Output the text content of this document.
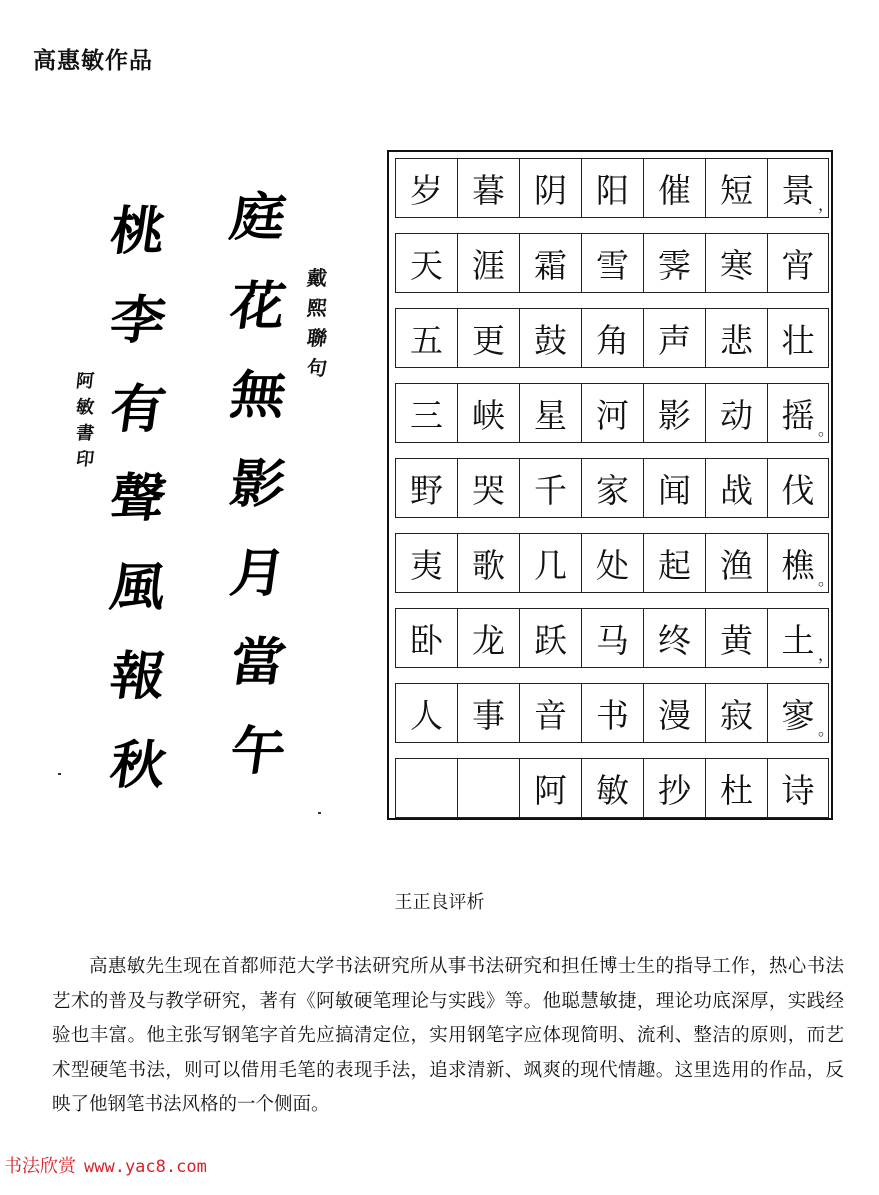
高惠敏作品
庭
花
無
影
月
當
午
桃
李
有
聲
風
報
秋
戴
熙
聯
句
阿
敏
書
印
岁 暮 阴 阳 催 短 景 ，
天 涯 霜 雪 霁 寒 宵
五 更 鼓 角 声 悲 壮
三 峡 星 河 影 动 摇 。
野 哭 千 家 闻 战 伐
夷 歌 几 处 起 渔 樵 。
卧 龙 跃 马 终 黄 土 ，
人 事 音 书 漫 寂 寥 。
阿 敏 抄 杜 诗
王正良评析

高惠敏先生现在首都师范大学书法研究所从事书法研究和担任博士生的指导工作，热心书法艺术的普及与教学研究，著有《阿敏硬笔理论与实践》等。他聪慧敏捷，理论功底深厚，实践经验也丰富。他主张写钢笔字首先应搞清定位，实用钢笔字应体现简明、流利、整洁的原则，而艺术型硬笔书法，则可以借用毛笔的表现手法，追求清新、飒爽的现代情趣。这里选用的作品，反映了他钢笔书法风格的一个侧面。

书法欣赏 www.yac8.com
